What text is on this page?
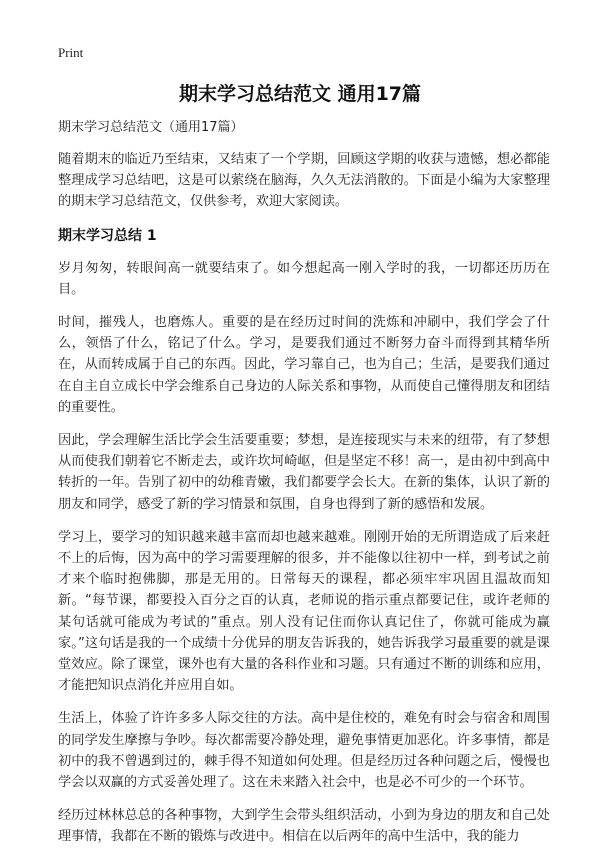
Print
期末学习总结范文 通用17篇

期末学习总结范文（通用17篇）

随着期末的临近乃至结束，又结束了一个学期，回顾这学期的收获与遗憾，想必都能整理成学习总结吧，这是可以萦绕在脑海，久久无法消散的。下面是小编为大家整理的期末学习总结范文，仅供参考，欢迎大家阅读。

期末学习总结 1

岁月匆匆，转眼间高一就要结束了。如今想起高一刚入学时的我，一切都还历历在目。

时间，摧残人，也磨炼人。重要的是在经历过时间的洗炼和冲刷中，我们学会了什么，领悟了什么，铭记了什么。学习，是要我们通过不断努力奋斗而得到其精华所在，从而转成属于自己的东西。因此，学习靠自己，也为自己；生活，是要我们通过在自主自立成长中学会维系自己身边的人际关系和事物，从而使自己懂得朋友和团结的重要性。

因此，学会理解生活比学会生活要重要；梦想，是连接现实与未来的纽带，有了梦想从而使我们朝着它不断走去，或许坎坷崎岖，但是坚定不移！高一，是由初中到高中转折的一年。告别了初中的幼稚青嫩，我们都要学会长大。在新的集体，认识了新的朋友和同学，感受了新的学习情景和氛围，自身也得到了新的感悟和发展。

学习上，要学习的知识越来越丰富而却也越来越难。刚刚开始的无所谓造成了后来赶不上的后悔，因为高中的学习需要理解的很多，并不能像以往初中一样，到考试之前才来个临时抱佛脚，那是无用的。日常每天的课程，都必须牢牢巩固且温故而知新。“每节课，都要投入百分之百的认真，老师说的指示重点都要记住，或许老师的某句话就可能成为考试的”重点。别人没有记住而你认真记住了，你就可能成为赢家。”这句话是我的一个成绩十分优异的朋友告诉我的，她告诉我学习最重要的就是课堂效应。除了课堂，课外也有大量的各科作业和习题。只有通过不断的训练和应用，才能把知识点消化并应用自如。

生活上，体验了许许多多人际交往的方法。高中是住校的，难免有时会与宿舍和周围的同学发生摩擦与争吵。每次都需要冷静处理，避免事情更加恶化。许多事情，都是初中的我不曾遇到过的，棘手得不知道如何处理。但是经历过各种问题之后，慢慢也学会以双赢的方式妥善处理了。这在未来踏入社会中，也是必不可少的一个环节。

经历过林林总总的各种事物，大到学生会带头组织活动，小到为身边的朋友和自己处理事情，我都在不断的锻炼与改进中。相信在以后两年的高中生活中，我的能力
